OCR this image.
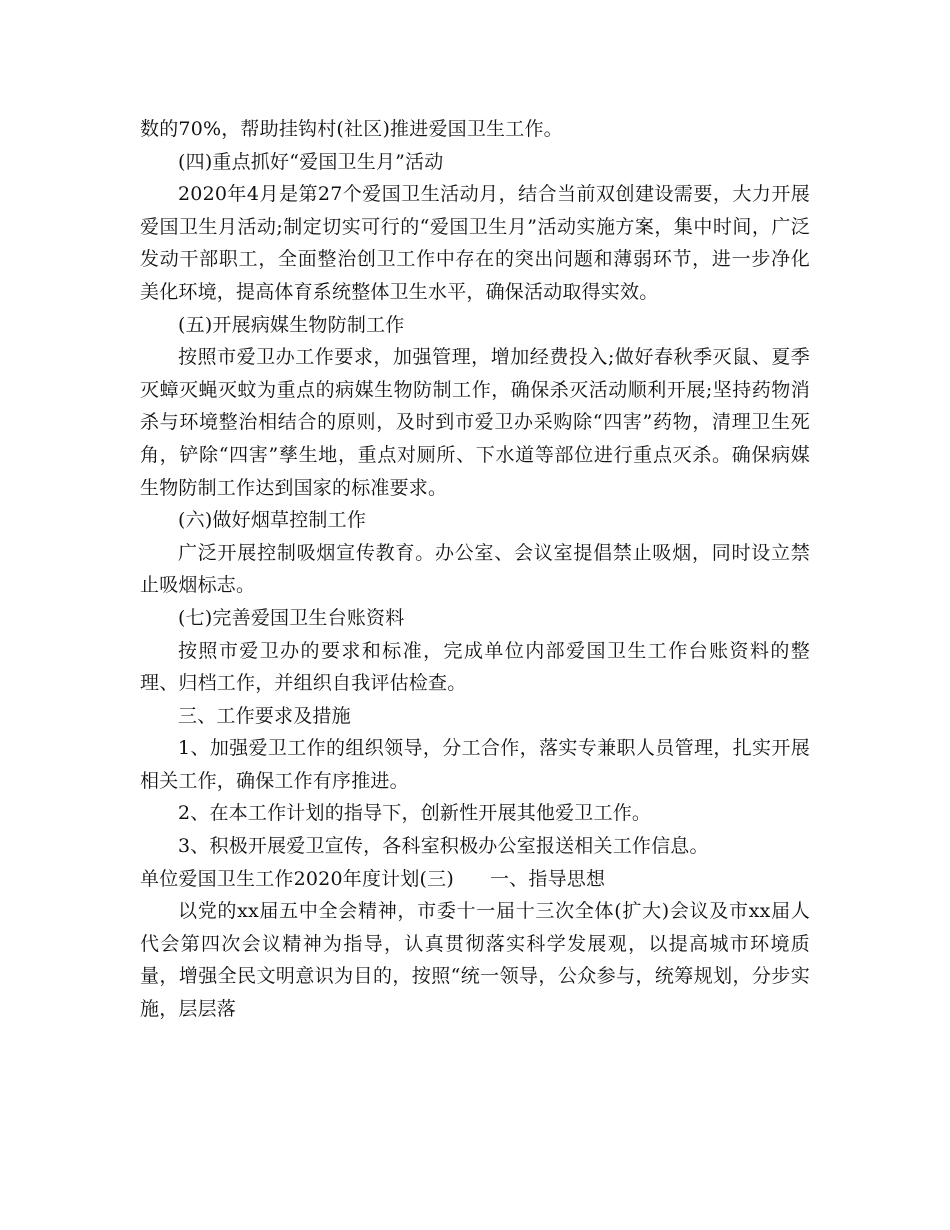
数的70%，帮助挂钩村(社区)推进爱国卫生工作。

(四)重点抓好“爱国卫生月”活动

2020年4月是第27个爱国卫生活动月，结合当前双创建设需要，大力开展爱国卫生月活动;制定切实可行的“爱国卫生月”活动实施方案，集中时间，广泛发动干部职工，全面整治创卫工作中存在的突出问题和薄弱环节，进一步净化美化环境，提高体育系统整体卫生水平，确保活动取得实效。

(五)开展病媒生物防制工作

按照市爱卫办工作要求，加强管理，增加经费投入;做好春秋季灭鼠、夏季灭蟑灭蝇灭蚊为重点的病媒生物防制工作，确保杀灭活动顺利开展;坚持药物消杀与环境整治相结合的原则，及时到市爱卫办采购除“四害”药物，清理卫生死角，铲除“四害”孳生地，重点对厕所、下水道等部位进行重点灭杀。确保病媒生物防制工作达到国家的标准要求。

(六)做好烟草控制工作

广泛开展控制吸烟宣传教育。办公室、会议室提倡禁止吸烟，同时设立禁止吸烟标志。

(七)完善爱国卫生台账资料

按照市爱卫办的要求和标准，完成单位内部爱国卫生工作台账资料的整理、归档工作，并组织自我评估检查。

三、工作要求及措施

1、加强爱卫工作的组织领导，分工合作，落实专兼职人员管理，扎实开展相关工作，确保工作有序推进。

2、在本工作计划的指导下，创新性开展其他爱卫工作。

3、积极开展爱卫宣传，各科室积极办公室报送相关工作信息。

单位爱国卫生工作2020年度计划(三) 一、指导思想

以党的xx届五中全会精神，市委十一届十三次全体(扩大)会议及市xx届人代会第四次会议精神为指导，认真贯彻落实科学发展观，以提高城市环境质量，增强全民文明意识为目的，按照“统一领导，公众参与，统筹规划，分步实施，层层落
